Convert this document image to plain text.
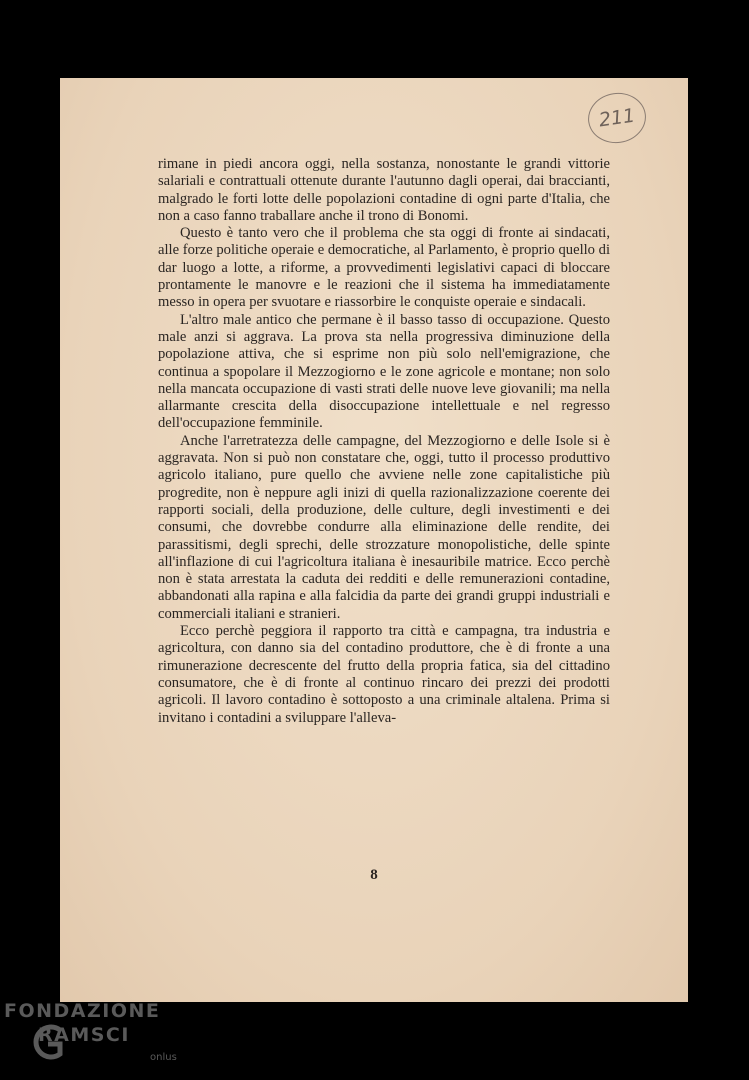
211

rimane in piedi ancora oggi, nella sostanza, nonostante le grandi vittorie salariali e contrattuali ottenute durante l'autunno dagli operai, dai braccianti, malgrado le forti lotte delle popolazioni contadine di ogni parte d'Italia, che non a caso fanno traballare anche il trono di Bonomi.

Questo è tanto vero che il problema che sta oggi di fronte ai sindacati, alle forze politiche operaie e democratiche, al Parlamento, è proprio quello di dar luogo a lotte, a riforme, a provvedimenti legislativi capaci di bloccare prontamente le manovre e le reazioni che il sistema ha immediatamente messo in opera per svuotare e riassorbire le conquiste operaie e sindacali.

L'altro male antico che permane è il basso tasso di occupazione. Questo male anzi si aggrava. La prova sta nella progressiva diminuzione della popolazione attiva, che si esprime non più solo nell'emigrazione, che continua a spopolare il Mezzogiorno e le zone agricole e montane; non solo nella mancata occupazione di vasti strati delle nuove leve giovanili; ma nella allarmante crescita della disoccupazione intellettuale e nel regresso dell'occupazione femminile.

Anche l'arretratezza delle campagne, del Mezzogiorno e delle Isole si è aggravata. Non si può non constatare che, oggi, tutto il processo produttivo agricolo italiano, pure quello che avviene nelle zone capitalistiche più progredite, non è neppure agli inizi di quella razionalizzazione coerente dei rapporti sociali, della produzione, delle culture, degli investimenti e dei consumi, che dovrebbe condurre alla eliminazione delle rendite, dei parassitismi, degli sprechi, delle strozzature monopolistiche, delle spinte all'inflazione di cui l'agricoltura italiana è inesauribile matrice. Ecco perchè non è stata arrestata la caduta dei redditi e delle remunerazioni contadine, abbandonati alla rapina e alla falcidia da parte dei grandi gruppi industriali e commerciali italiani e stranieri.

Ecco perchè peggiora il rapporto tra città e campagna, tra industria e agricoltura, con danno sia del contadino produttore, che è di fronte a una rimunerazione decrescente del frutto della propria fatica, sia del cittadino consumatore, che è di fronte al continuo rincaro dei prezzi dei prodotti agricoli. Il lavoro contadino è sottoposto a una criminale altalena. Prima si invitano i contadini a sviluppare l'alleva-

8
FONDAZIONE
RAMSCI
onlus
